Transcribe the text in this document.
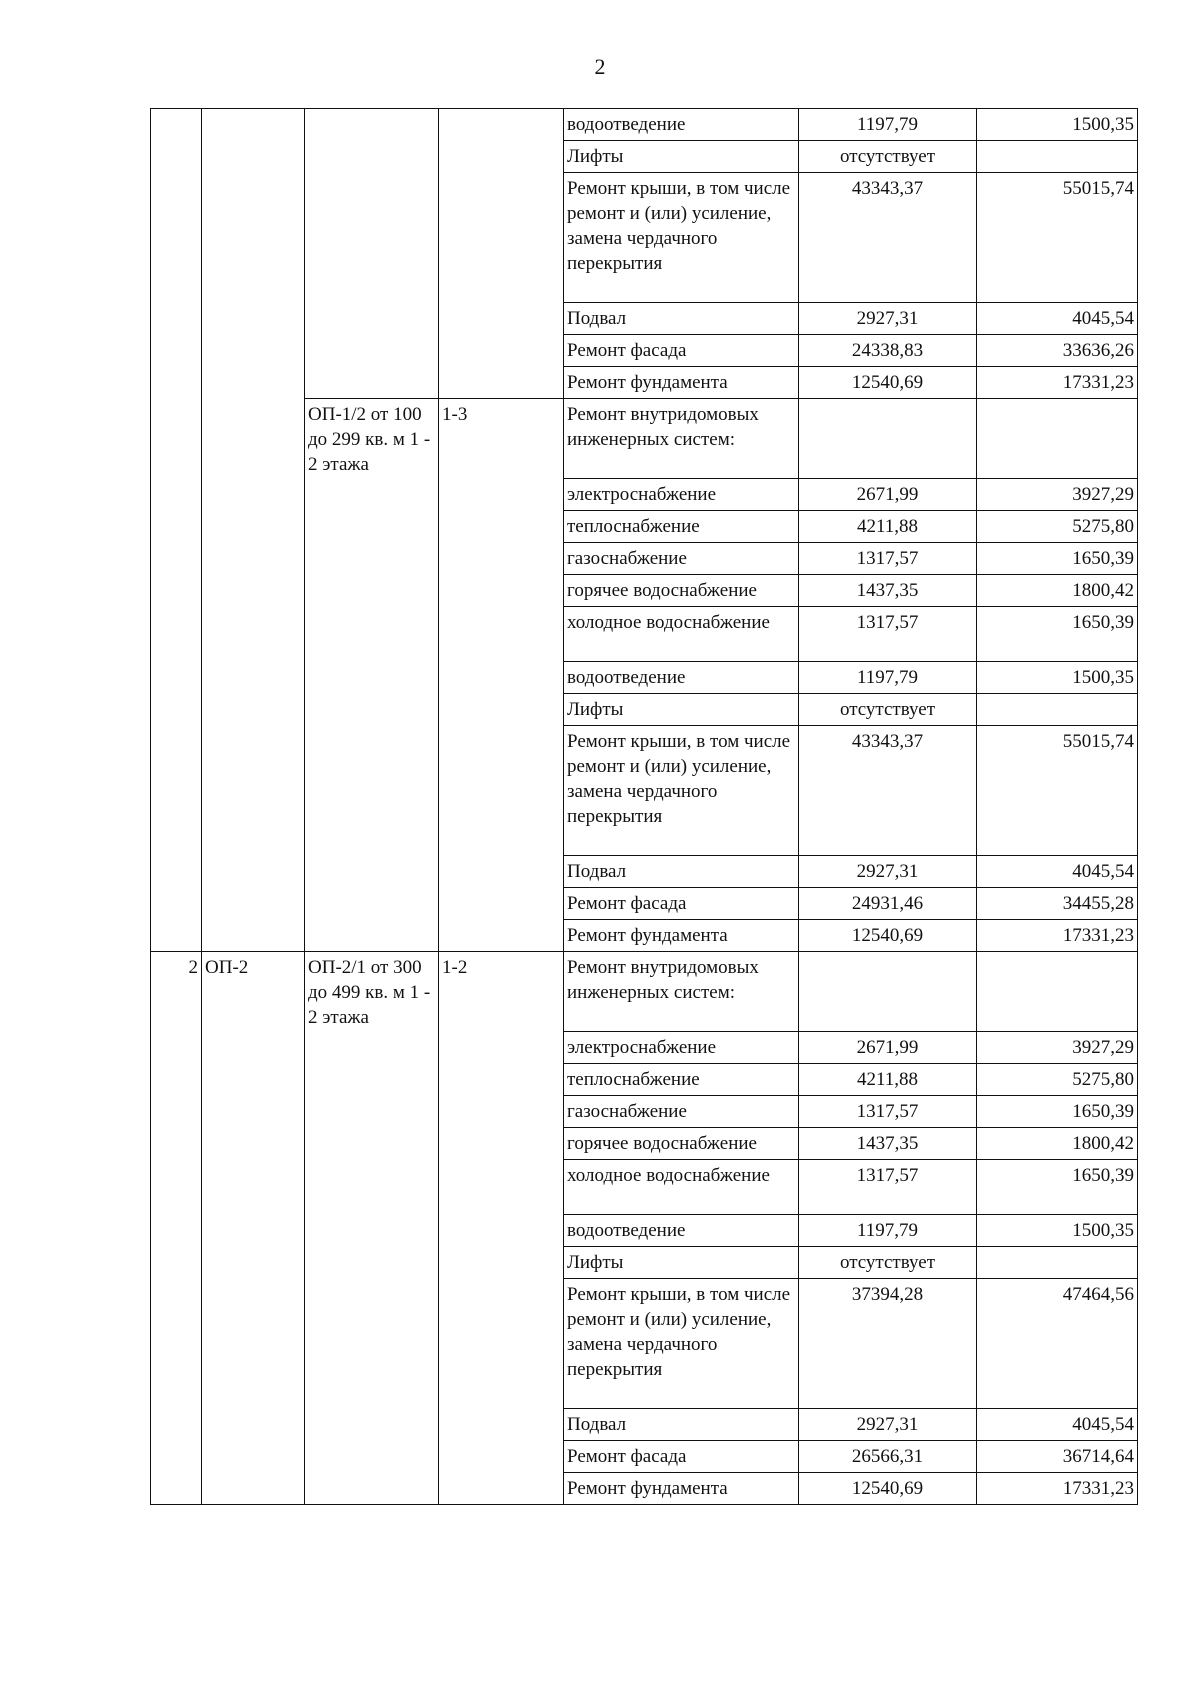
2
				водоотведение	1197,79	1500,35
				Лифты	отсутствует	
				Ремонт крыши, в том числе ремонт и (или) усиление, замена чердачного перекрытия	43343,37	55015,74
				Подвал	2927,31	4045,54
				Ремонт фасада	24338,83	33636,26
				Ремонт фундамента	12540,69	17331,23
		ОП-1/2 от 100 до 299 кв. м 1 - 2 этажа	1-3	Ремонт внутридомовых инженерных систем:		
				электроснабжение	2671,99	3927,29
				теплоснабжение	4211,88	5275,80
				газоснабжение	1317,57	1650,39
				горячее водоснабжение	1437,35	1800,42
				холодное водоснабжение	1317,57	1650,39
				водоотведение	1197,79	1500,35
				Лифты	отсутствует	
				Ремонт крыши, в том числе ремонт и (или) усиление, замена чердачного перекрытия	43343,37	55015,74
				Подвал	2927,31	4045,54
				Ремонт фасада	24931,46	34455,28
				Ремонт фундамента	12540,69	17331,23
2	ОП-2	ОП-2/1 от 300 до 499 кв. м 1 - 2 этажа	1-2	Ремонт внутридомовых инженерных систем:		
				электроснабжение	2671,99	3927,29
				теплоснабжение	4211,88	5275,80
				газоснабжение	1317,57	1650,39
				горячее водоснабжение	1437,35	1800,42
				холодное водоснабжение	1317,57	1650,39
				водоотведение	1197,79	1500,35
				Лифты	отсутствует	
				Ремонт крыши, в том числе ремонт и (или) усиление, замена чердачного перекрытия	37394,28	47464,56
				Подвал	2927,31	4045,54
				Ремонт фасада	26566,31	36714,64
				Ремонт фундамента	12540,69	17331,23
